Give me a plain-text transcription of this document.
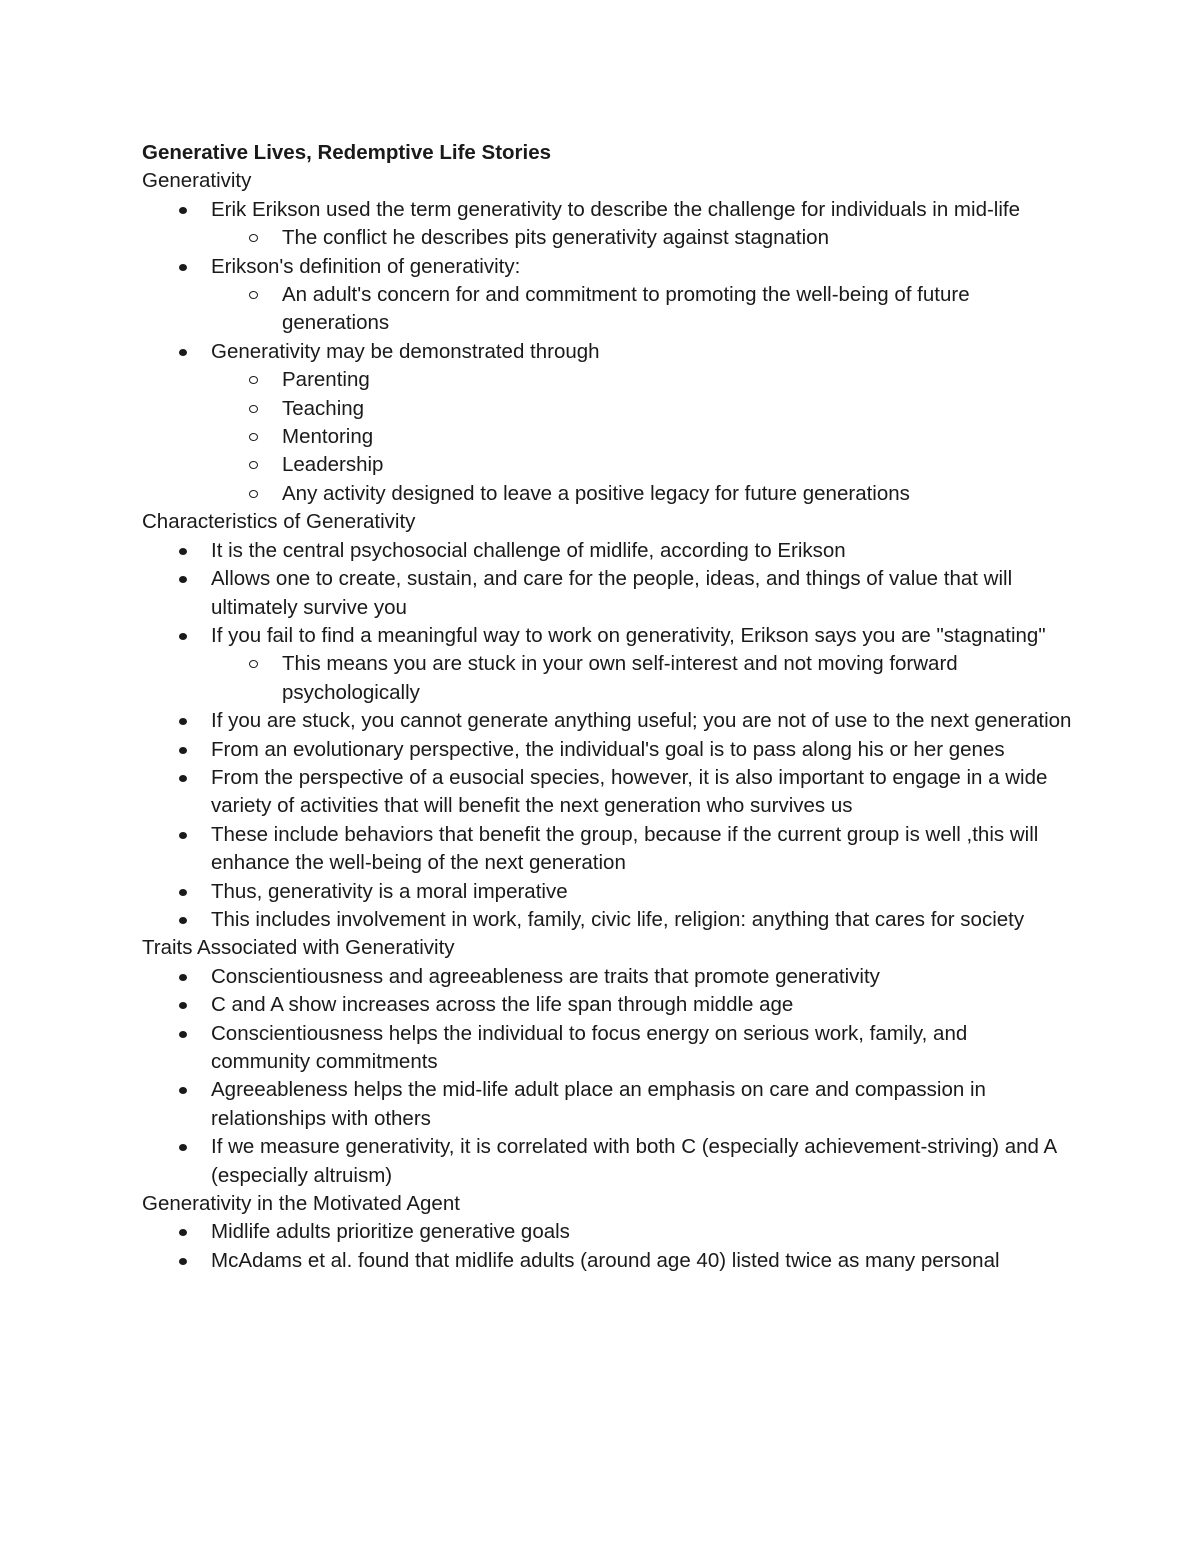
Generative Lives, Redemptive Life Stories

Generativity

Erik Erikson used the term generativity to describe the challenge for individuals in mid-life
The conflict he describes pits generativity against stagnation
Erikson's definition of generativity:
An adult's concern for and commitment to promoting the well-being of future generations
Generativity may be demonstrated through
Parenting
Teaching
Mentoring
Leadership
Any activity designed to leave a positive legacy for future generations

Characteristics of Generativity

It is the central psychosocial challenge of midlife, according to Erikson
Allows one to create, sustain, and care for the people, ideas, and things of value that will ultimately survive you
If you fail to find a meaningful way to work on generativity, Erikson says you are "stagnating"
This means you are stuck in your own self-interest and not moving forward psychologically
If you are stuck, you cannot generate anything useful; you are not of use to the next generation
From an evolutionary perspective, the individual's goal is to pass along his or her genes
From the perspective of a eusocial species, however, it is also important to engage in a wide variety of activities that will benefit the next generation who survives us
These include behaviors that benefit the group, because if the current group is well ,this will enhance the well-being of the next generation
Thus, generativity is a moral imperative
This includes involvement in work, family, civic life, religion: anything that cares for society

Traits Associated with Generativity

Conscientiousness and agreeableness are traits that promote generativity
C and A show increases across the life span through middle age
Conscientiousness helps the individual to focus energy on serious work, family, and community commitments
Agreeableness helps the mid-life adult place an emphasis on care and compassion in relationships with others
If we measure generativity, it is correlated with both C (especially achievement-striving) and A (especially altruism)

Generativity in the Motivated Agent

Midlife adults prioritize generative goals
McAdams et al. found that midlife adults (around age 40) listed twice as many personal
